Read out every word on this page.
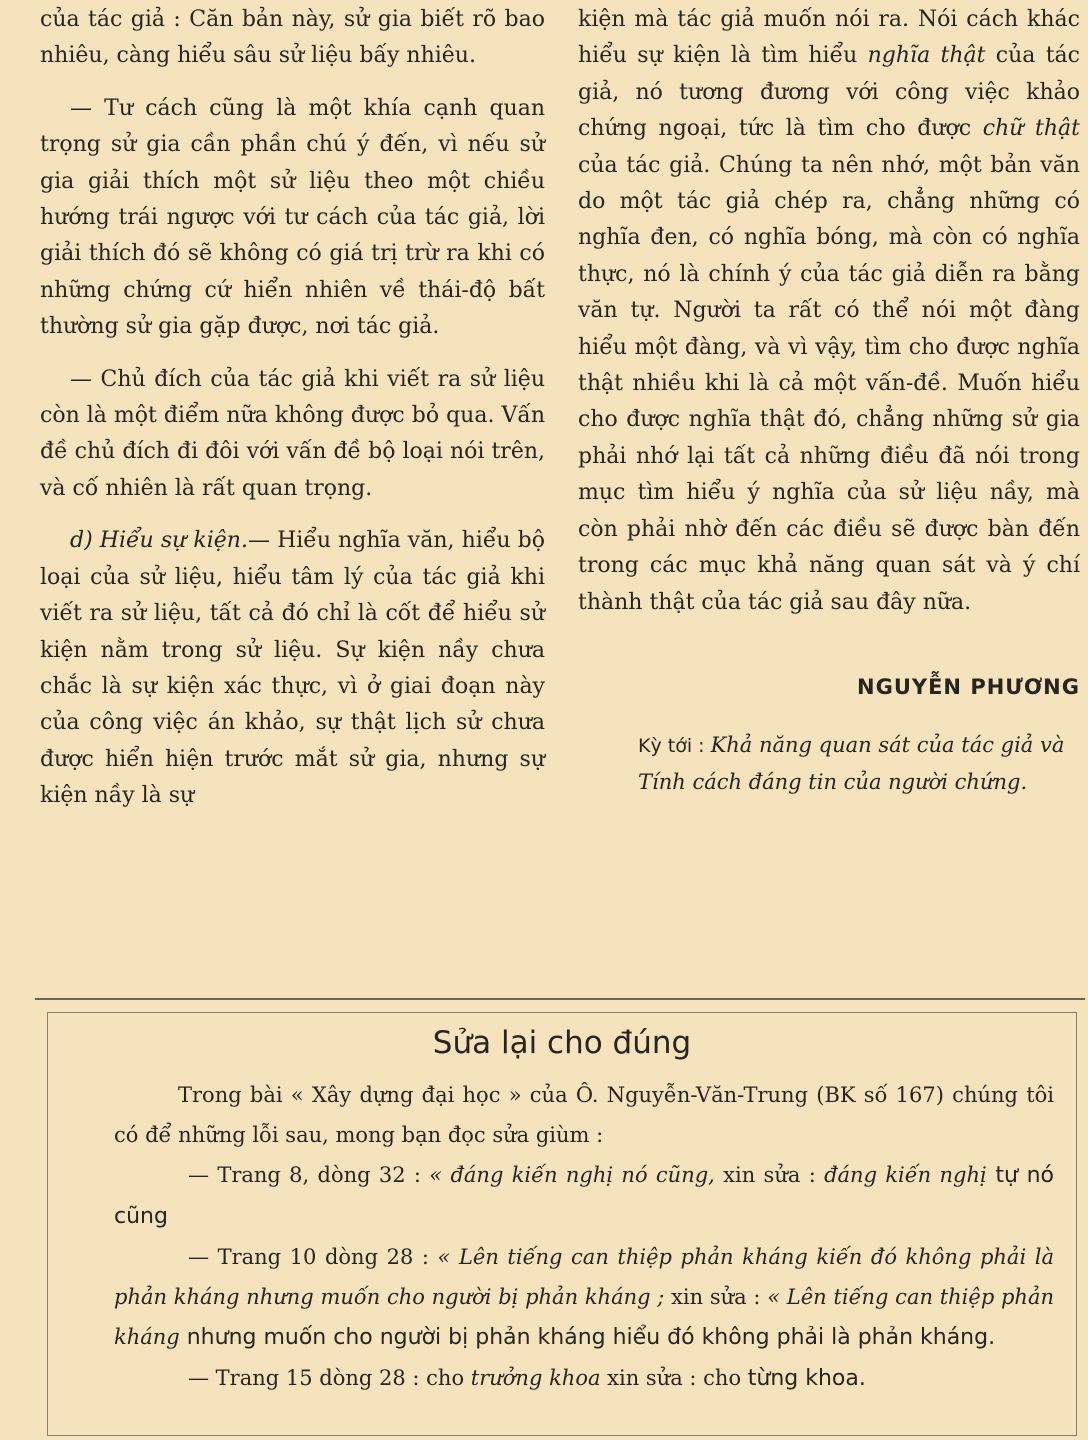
của tác giả : Căn bản này, sử gia biết rõ bao nhiêu, càng hiểu sâu sử liệu bấy nhiêu.

— Tư cách cũng là một khía cạnh quan trọng sử gia cần phần chú ý đến, vì nếu sử gia giải thích một sử liệu theo một chiều hướng trái ngược với tư cách của tác giả, lời giải thích đó sẽ không có giá trị trừ ra khi có những chứng cứ hiển nhiên về thái-độ bất thường sử gia gặp được, nơi tác giả.

— Chủ đích của tác giả khi viết ra sử liệu còn là một điểm nữa không được bỏ qua. Vấn đề chủ đích đi đôi với vấn đề bộ loại nói trên, và cố nhiên là rất quan trọng.

d) Hiểu sự kiện.— Hiểu nghĩa văn, hiểu bộ loại của sử liệu, hiểu tâm lý của tác giả khi viết ra sử liệu, tất cả đó chỉ là cốt để hiểu sử kiện nằm trong sử liệu. Sự kiện nầy chưa chắc là sự kiện xác thực, vì ở giai đoạn này của công việc án khảo, sự thật lịch sử chưa được hiển hiện trước mắt sử gia, nhưng sự kiện nầy là sự

kiện mà tác giả muốn nói ra. Nói cách khác hiểu sự kiện là tìm hiểu nghĩa thật của tác giả, nó tương đương với công việc khảo chứng ngoại, tức là tìm cho được chữ thật của tác giả. Chúng ta nên nhớ, một bản văn do một tác giả chép ra, chẳng những có nghĩa đen, có nghĩa bóng, mà còn có nghĩa thực, nó là chính ý của tác giả diễn ra bằng văn tự. Người ta rất có thể nói một đàng hiểu một đàng, và vì vậy, tìm cho được nghĩa thật nhiều khi là cả một vấn-đề. Muốn hiểu cho được nghĩa thật đó, chẳng những sử gia phải nhớ lại tất cả những điều đã nói trong mục tìm hiểu ý nghĩa của sử liệu nầy, mà còn phải nhờ đến các điều sẽ được bàn đến trong các mục khả năng quan sát và ý chí thành thật của tác giả sau đây nữa.

NGUYỄN PHƯƠNG

Kỳ tới : Khả năng quan sát của tác giả và Tính cách đáng tin của người chứng.

Sửa lại cho đúng

Trong bài « Xây dựng đại học » của Ô. Nguyễn-Văn-Trung (BK số 167) chúng tôi có để những lỗi sau, mong bạn đọc sửa giùm :

— Trang 8, dòng 32 : « đáng kiến nghị nó cũng, xin sửa : đáng kiến nghị tự nó cũng

— Trang 10 dòng 28 : « Lên tiếng can thiệp phản kháng kiến đó không phải là phản kháng nhưng muốn cho người bị phản kháng ; xin sửa : « Lên tiếng can thiệp phản kháng nhưng muốn cho người bị phản kháng hiểu đó không phải là phản kháng.

— Trang 15 dòng 28 : cho trưởng khoa xin sửa : cho từng khoa.
